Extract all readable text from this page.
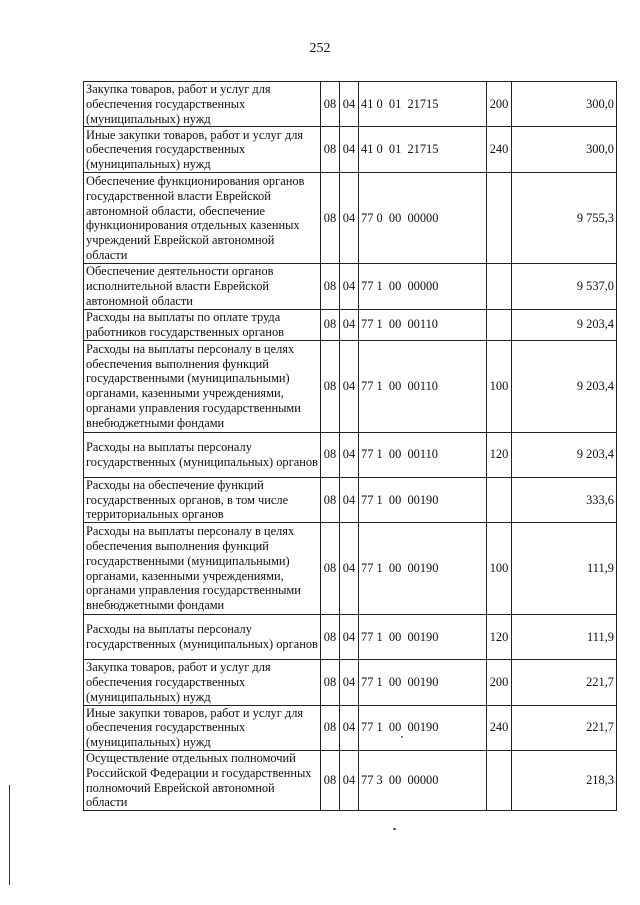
252
Закупка товаров, работ и услуг для обеспечения государственных (муниципальных) нужд	08	04	41 0  01  21715	200	300,0
Иные закупки товаров, работ и услуг для обеспечения государственных (муниципальных) нужд	08	04	41 0  01  21715	240	300,0
Обеспечение функционирования органов государственной власти Еврейской автономной области, обеспечение функционирования отдельных казенных учреждений Еврейской автономной области	08	04	77 0  00  00000		9 755,3
Обеспечение деятельности органов исполнительной власти Еврейской автономной области	08	04	77 1  00  00000		9 537,0
Расходы на выплаты по оплате труда работников государственных органов	08	04	77 1  00  00110		9 203,4
Расходы на выплаты персоналу в целях обеспечения выполнения функций государственными (муниципальными) органами, казенными учреждениями, органами управления государственными внебюджетными фондами	08	04	77 1  00  00110	100	9 203,4
Расходы на выплаты персоналу государственных (муниципальных) органов	08	04	77 1  00  00110	120	9 203,4
Расходы на обеспечение функций государственных органов, в том числе территориальных органов	08	04	77 1  00  00190		333,6
Расходы на выплаты персоналу в целях обеспечения выполнения функций государственными (муниципальными) органами, казенными учреждениями, органами управления государственными внебюджетными фондами	08	04	77 1  00  00190	100	111,9
Расходы на выплаты персоналу государственных (муниципальных) органов	08	04	77 1  00  00190	120	111,9
Закупка товаров, работ и услуг для обеспечения государственных (муниципальных) нужд	08	04	77 1  00  00190	200	221,7
Иные закупки товаров, работ и услуг для обеспечения государственных (муниципальных) нужд	08	04	77 1  00  00190	240	221,7
Осуществление отдельных полномочий Российской Федерации и государственных полномочий Еврейской автономной области	08	04	77 3  00  00000		218,3
